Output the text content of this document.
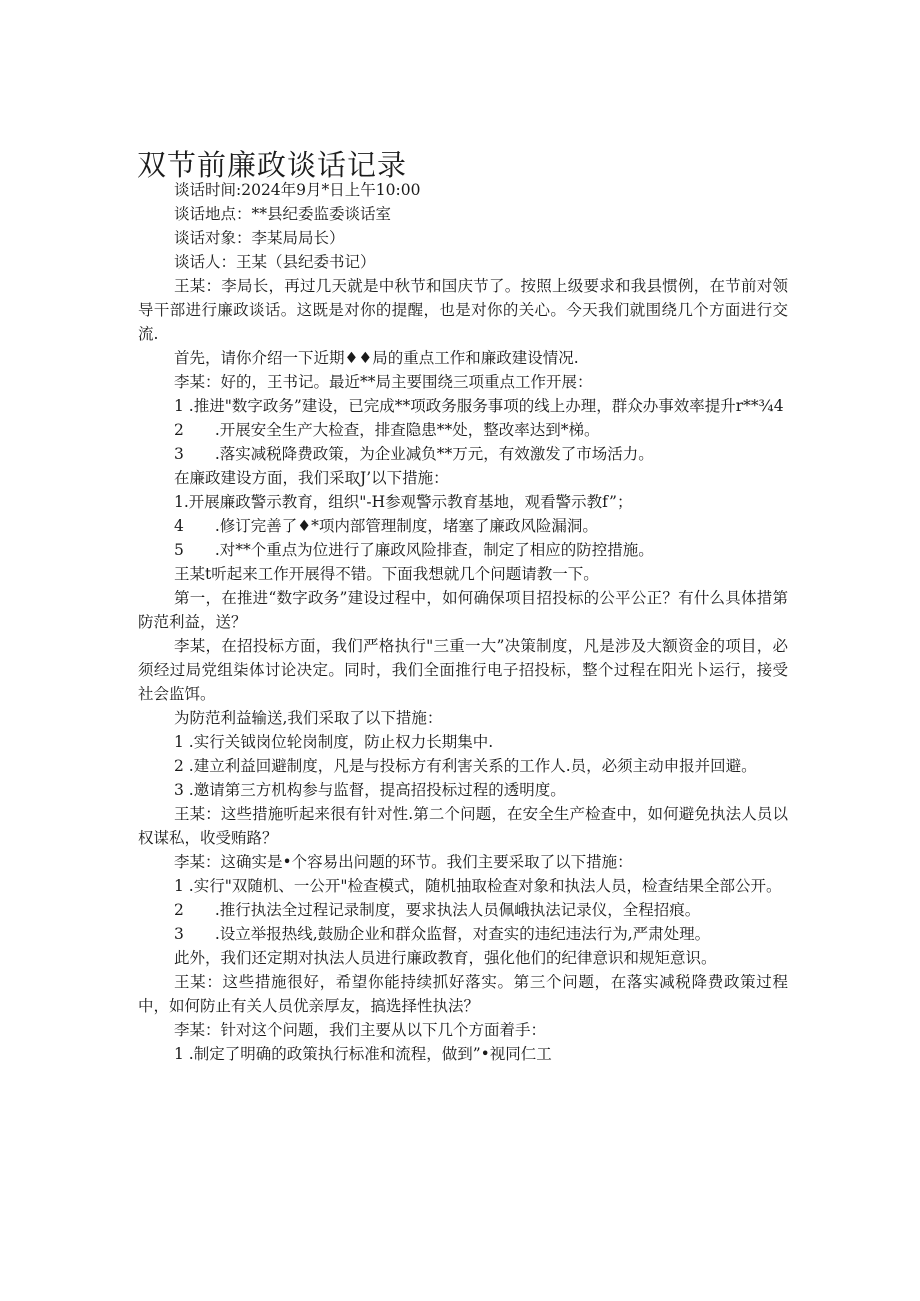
双节前廉政谈话记录

谈话时间:2024年9月*日上午10:00

谈话地点：**县纪委监委谈话室

谈话对象：李某局局长）

谈话人：王某（县纪委书记）

王某：李局长，再过几天就是中秋节和国庆节了。按照上级要求和我县惯例，在节前对领导干部进行廉政谈话。这既是对你的提醒，也是对你的关心。今天我们就围绕几个方面进行交流.

首先，请你介绍一下近期♦♦局的重点工作和廉政建设情况.

李某：好的，王书记。最近**局主要围绕三项重点工作开展：

1 .推进"数字政务”建设，已完成**项政务服务事项的线上办理，群众办事效率提升r**¾4

2　　.开展安全生产大检查，排查隐患**处，整改率达到*梯。

3　　.落实减税降费政策，为企业减负**万元，有效激发了市场活力。

在廉政建设方面，我们采取J’以下措施：

1.开展廉政警示教育，组织"-H参观警示教育基地，观看警示教f”；

4　　.修订完善了♦*项内部管理制度，堵塞了廉政风险漏洞。

5　　.对**个重点为位进行了廉政风险排查，制定了相应的防控措施。

王某t听起来工作开展得不错。下面我想就几个问题请教一下。

第一，在推进“数字政务”建设过程中，如何确保项目招投标的公平公正？有什么具体措第防范利益，送？

李某，在招投标方面，我们严格执行"三重一大”决策制度，凡是涉及大额资金的项目，必须经过局党组柒体讨论决定。同时，我们全面推行电子招投标，整个过程在阳光卜运行，接受社会监饵。

为防范利益输送,我们采取了以下措施：

1 .实行关钺岗位轮岗制度，防止权力长期集中.

2 .建立利益回避制度，凡是与投标方有利害关系的工作人.员，必须主动申报并回避。

3 .邀请第三方机构参与监督，提高招投标过程的透明度。

王某：这些措施听起来很有针对性.第二个问题，在安全生产检查中，如何避免执法人员以权谋私，收受贿路？

李某：这确实是•个容易出问题的环节。我们主要采取了以下措施：

1 .实行"双随机、一公开"检查模式，随机抽取检查对象和执法人员，检查结果全部公开。

2　　.推行执法全过程记录制度，要求执法人员佩峨执法记录仪，全程招痕。

3　　.设立举报热线,鼓励企业和群众监督，对查实的违纪违法行为,严肃处理。

此外，我们还定期对执法人员进行廉政教育，强化他们的纪律意识和规矩意识。

王某：这些措施很好，希望你能持续抓好落实。第三个问题，在落实减税降费政策过程中，如何防止有关人员优亲厚友，搞选择性执法？

李某：针对这个问题，我们主要从以下几个方面着手：

1 .制定了明确的政策执行标准和流程，做到”•视同仁工
